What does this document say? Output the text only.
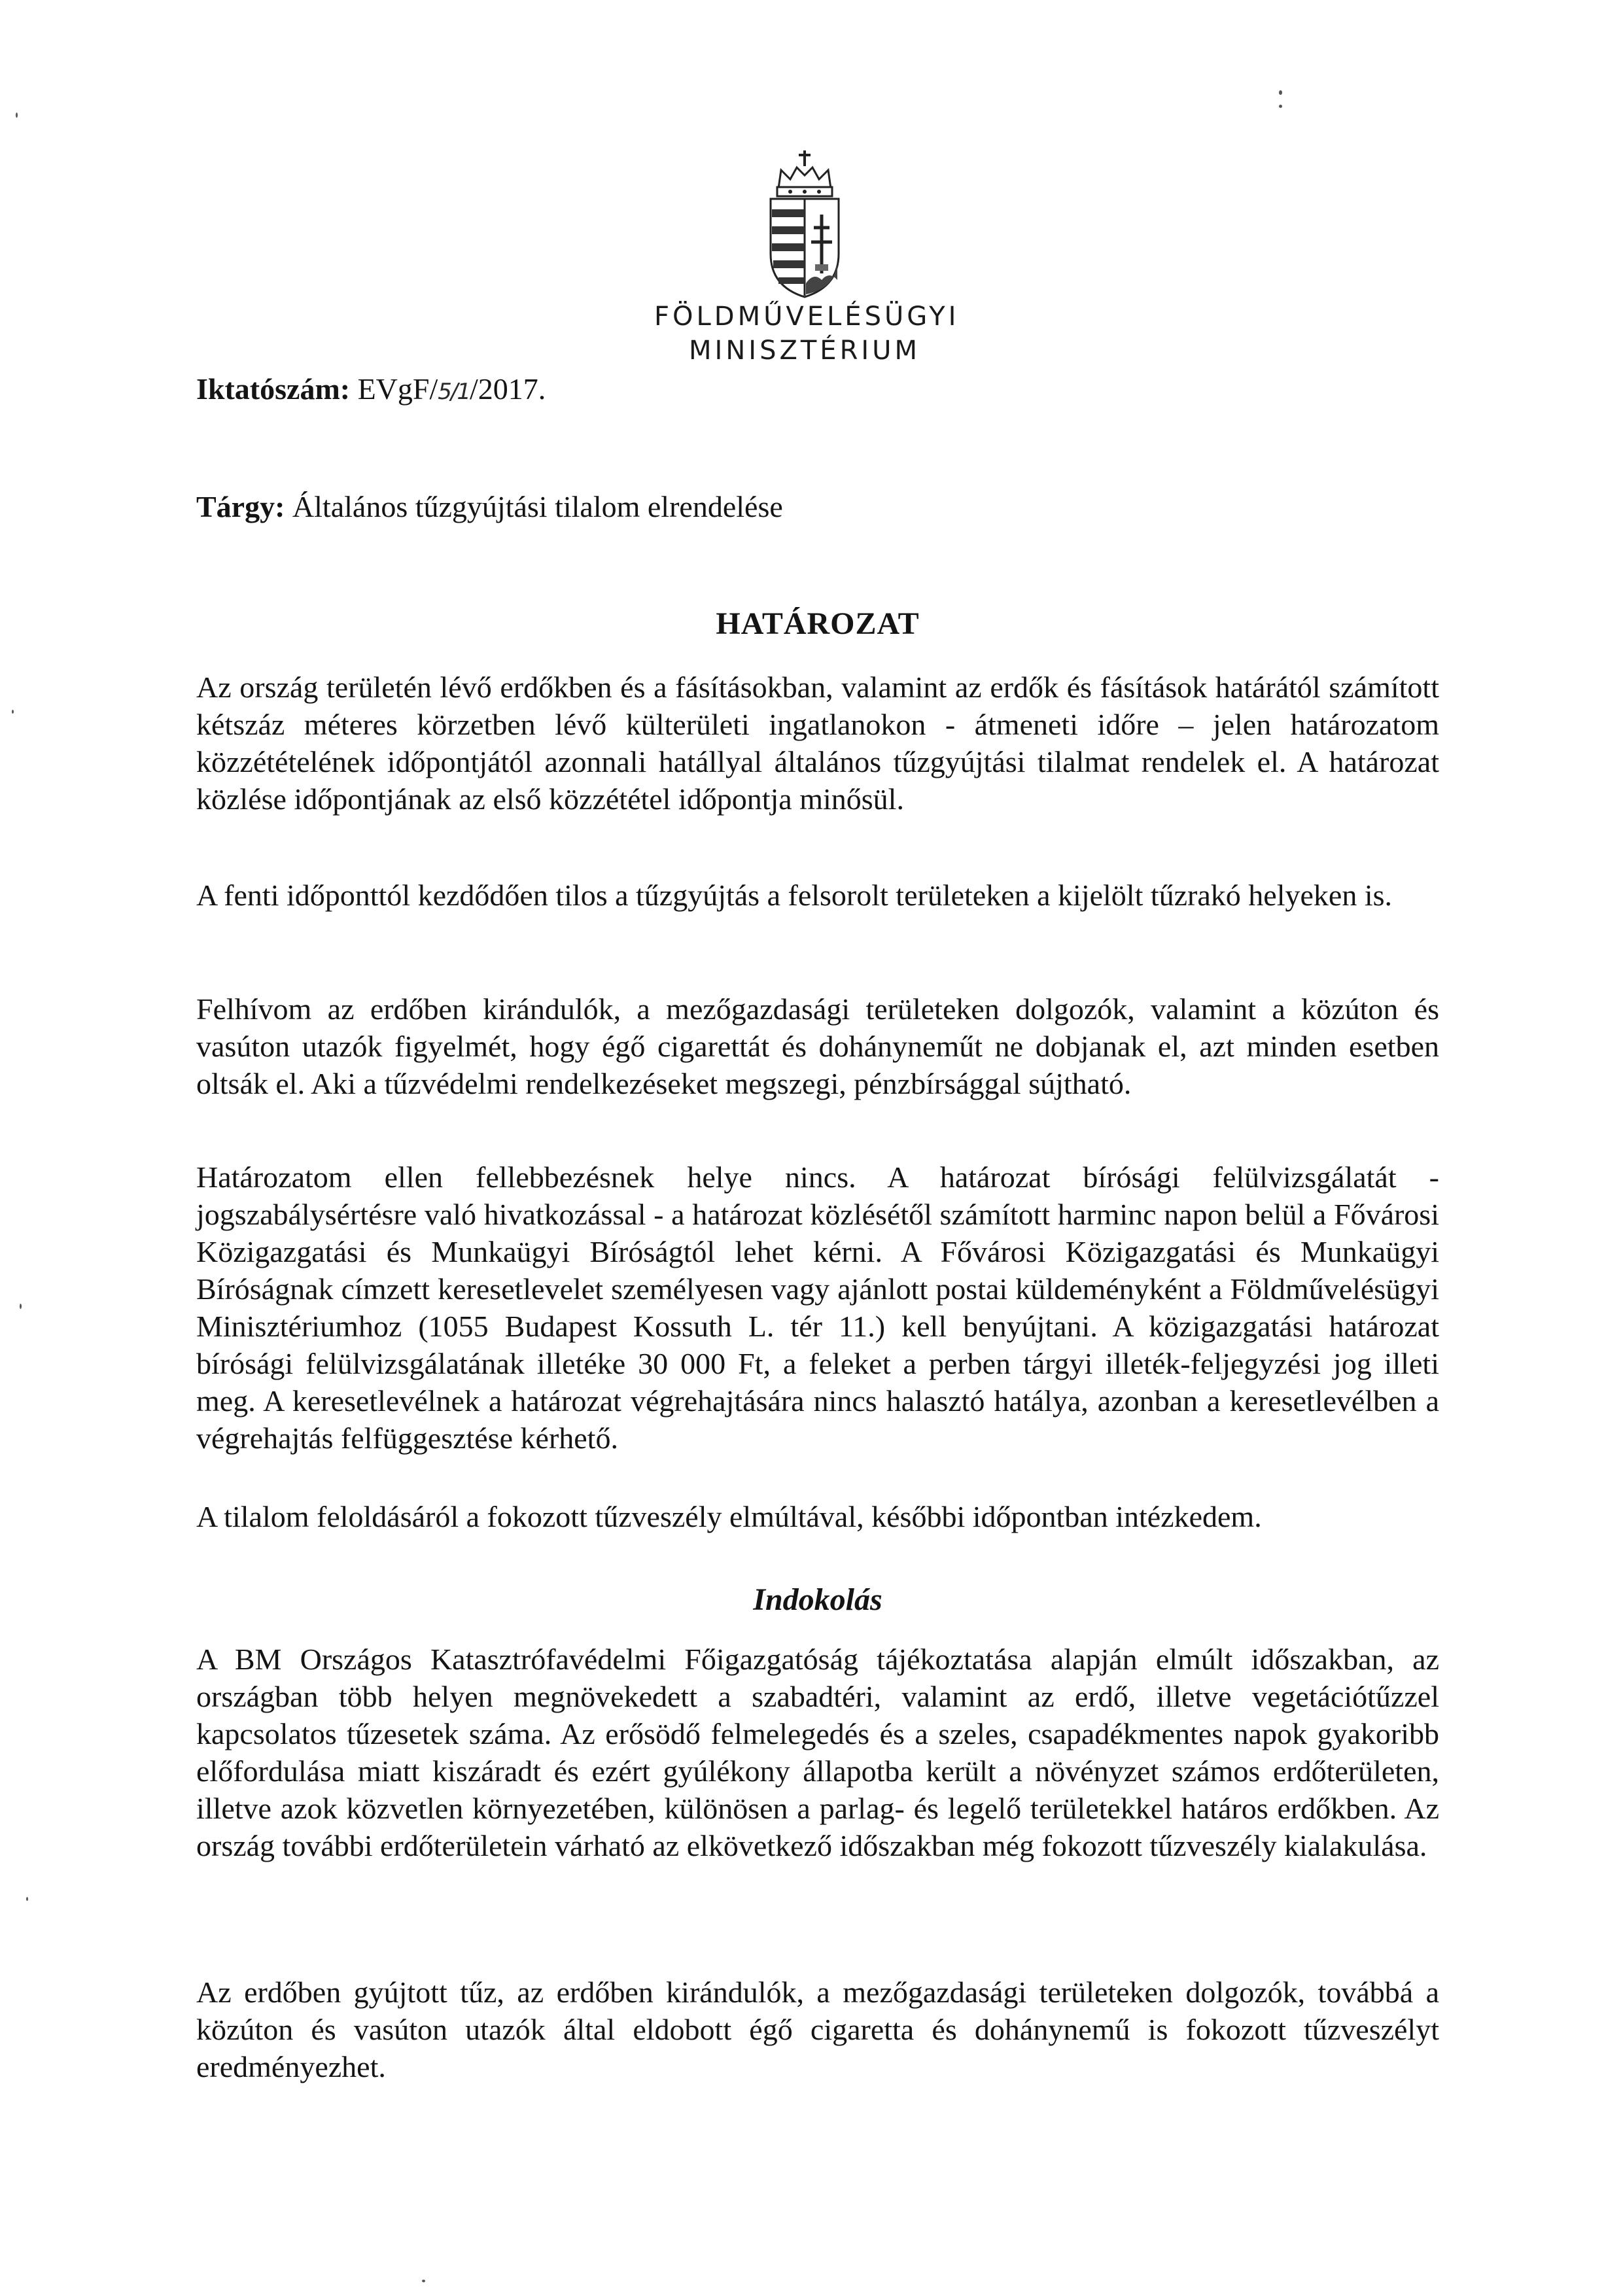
FÖLDMŰVELÉSÜGYI
MINISZTÉRIUM
Iktatószám: EVgF/5/1/2017.
Tárgy: Általános tűzgyújtási tilalom elrendelése
HATÁROZAT

Az ország területén lévő erdőkben és a fásításokban, valamint az erdők és fásítások határától számított kétszáz méteres körzetben lévő külterületi ingatlanokon - átmeneti időre – jelen határozatom közzétételének időpontjától azonnali hatállyal általános tűzgyújtási tilalmat rendelek el. A határozat közlése időpontjának az első közzététel időpontja minősül.

A fenti időponttól kezdődően tilos a tűzgyújtás a felsorolt területeken a kijelölt tűzrakó helyeken is.

Felhívom az erdőben kirándulók, a mezőgazdasági területeken dolgozók, valamint a közúton és vasúton utazók figyelmét, hogy égő cigarettát és dohányneműt ne dobjanak el, azt minden esetben oltsák el. Aki a tűzvédelmi rendelkezéseket megszegi, pénzbírsággal sújtható.

Határozatom ellen fellebbezésnek helye nincs. A határozat bírósági felülvizsgálatát - jogszabálysértésre való hivatkozással - a határozat közlésétől számított harminc napon belül a Fővárosi Közigazgatási és Munkaügyi Bíróságtól lehet kérni. A Fővárosi Közigazgatási és Munkaügyi Bíróságnak címzett keresetlevelet személyesen vagy ajánlott postai küldeményként a Földművelésügyi Minisztériumhoz (1055 Budapest Kossuth L. tér 11.) kell benyújtani. A közigazgatási határozat bírósági felülvizsgálatának illetéke 30 000 Ft, a feleket a perben tárgyi illeték-feljegyzési jog illeti meg. A keresetlevélnek a határozat végrehajtására nincs halasztó hatálya, azonban a keresetlevélben a végrehajtás felfüggesztése kérhető.

A tilalom feloldásáról a fokozott tűzveszély elmúltával, későbbi időpontban intézkedem.

Indokolás

A BM Országos Katasztrófavédelmi Főigazgatóság tájékoztatása alapján elmúlt időszakban, az országban több helyen megnövekedett a szabadtéri, valamint az erdő, illetve vegetációtűzzel kapcsolatos tűzesetek száma. Az erősödő felmelegedés és a szeles, csapadékmentes napok gyakoribb előfordulása miatt kiszáradt és ezért gyúlékony állapotba került a növényzet számos erdőterületen, illetve azok közvetlen környezetében, különösen a parlag- és legelő területekkel határos erdőkben. Az ország további erdőterületein várható az elkövetkező időszakban még fokozott tűzveszély kialakulása.

Az erdőben gyújtott tűz, az erdőben kirándulók, a mezőgazdasági területeken dolgozók, továbbá a közúton és vasúton utazók által eldobott égő cigaretta és dohánynemű is fokozott tűzveszélyt eredményezhet.
